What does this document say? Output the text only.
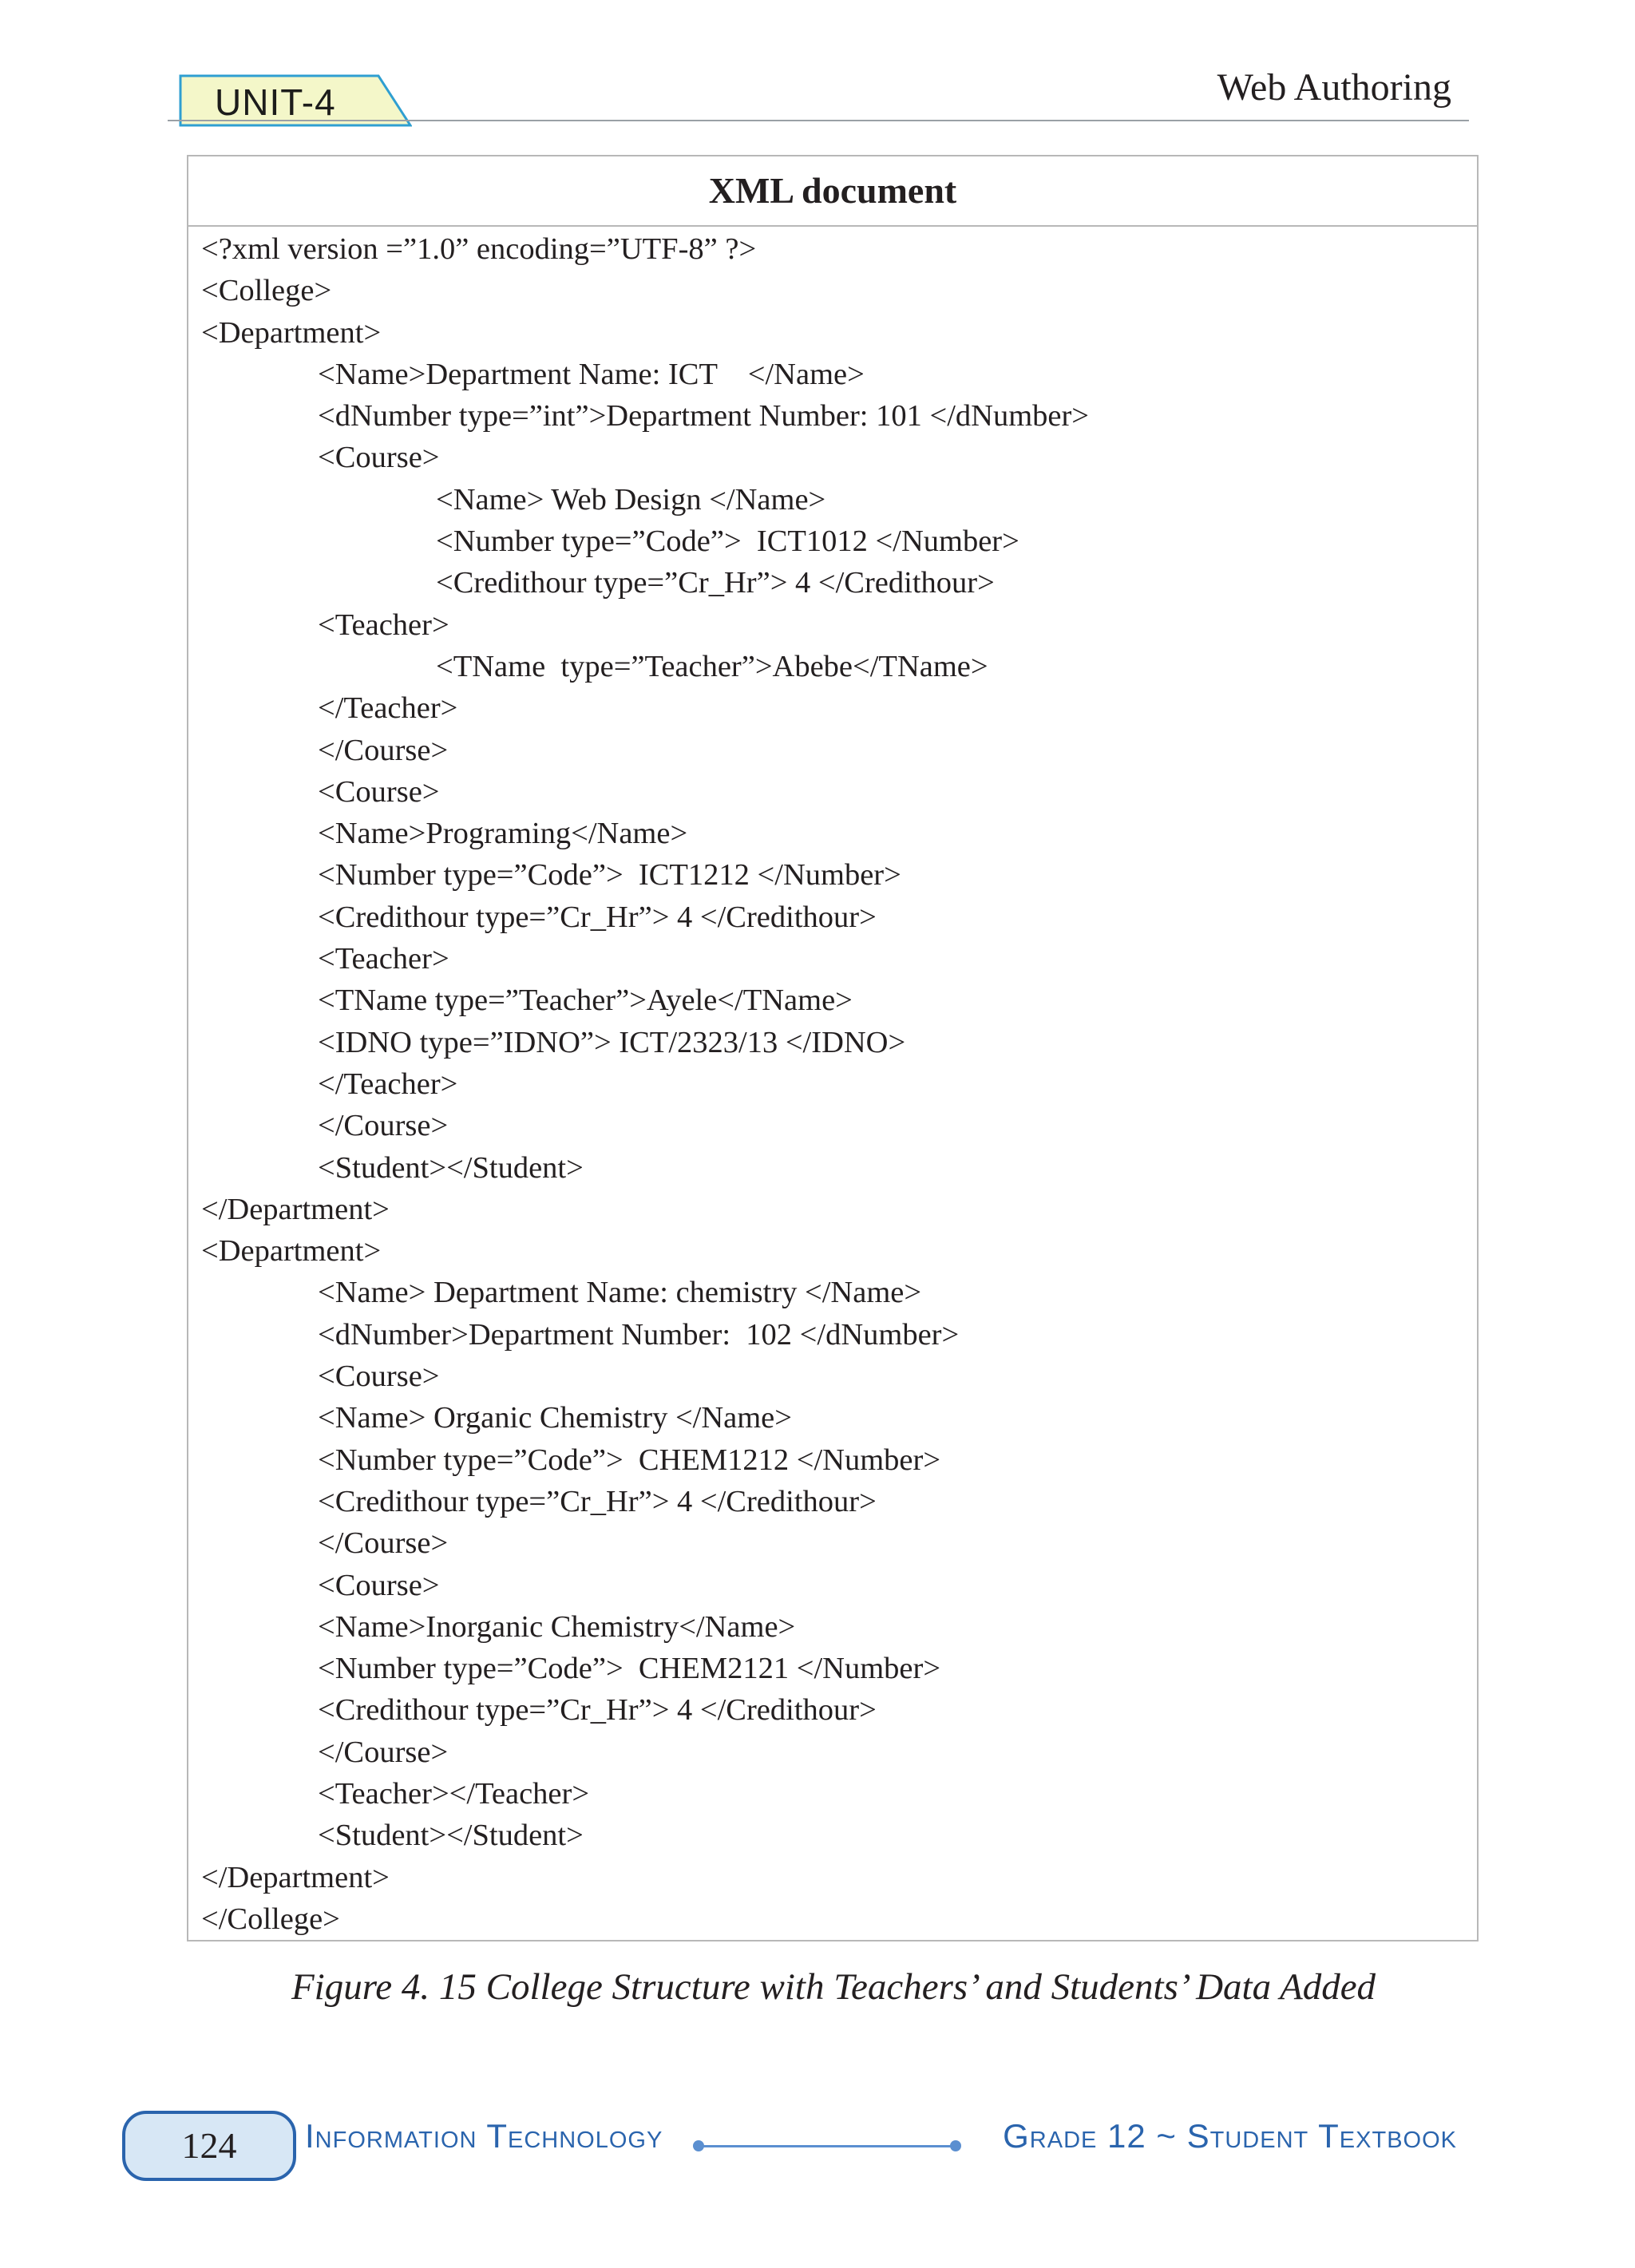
UNIT-4	Web Authoring
XML document
<?xml version =”1.0” encoding=”UTF-8” ?>
<College>
<Department>
<Name>Department Name: ICT    </Name>
<dNumber type=”int”>Department Number: 101 </dNumber>
<Course>
<Name> Web Design </Name>
<Number type=”Code”>  ICT1012 </Number>
<Credithour type=”Cr_Hr”> 4 </Credithour>
<Teacher>
<TName  type=”Teacher”>Abebe</TName>
</Teacher>
</Course>
<Course>
<Name>Programing</Name>
<Number type=”Code”>  ICT1212 </Number>
<Credithour type=”Cr_Hr”> 4 </Credithour>
<Teacher>
<TName type=”Teacher”>Ayele</TName>
<IDNO type=”IDNO”> ICT/2323/13 </IDNO>
</Teacher>
</Course>
<Student></Student>
</Department>
<Department>
<Name> Department Name: chemistry </Name>
<dNumber>Department Number:  102 </dNumber>
<Course>
<Name> Organic Chemistry </Name>
<Number type=”Code”>  CHEM1212 </Number>
<Credithour type=”Cr_Hr”> 4 </Credithour>
</Course>
<Course>
<Name>Inorganic Chemistry</Name>
<Number type=”Code”>  CHEM2121 </Number>
<Credithour type=”Cr_Hr”> 4 </Credithour>
</Course>
<Teacher></Teacher>
<Student></Student>
</Department>
</College>
Figure 4. 15 College Structure with Teachers’ and Students’ Data Added
124	Information Technology	Grade 12 ~ Student Textbook
